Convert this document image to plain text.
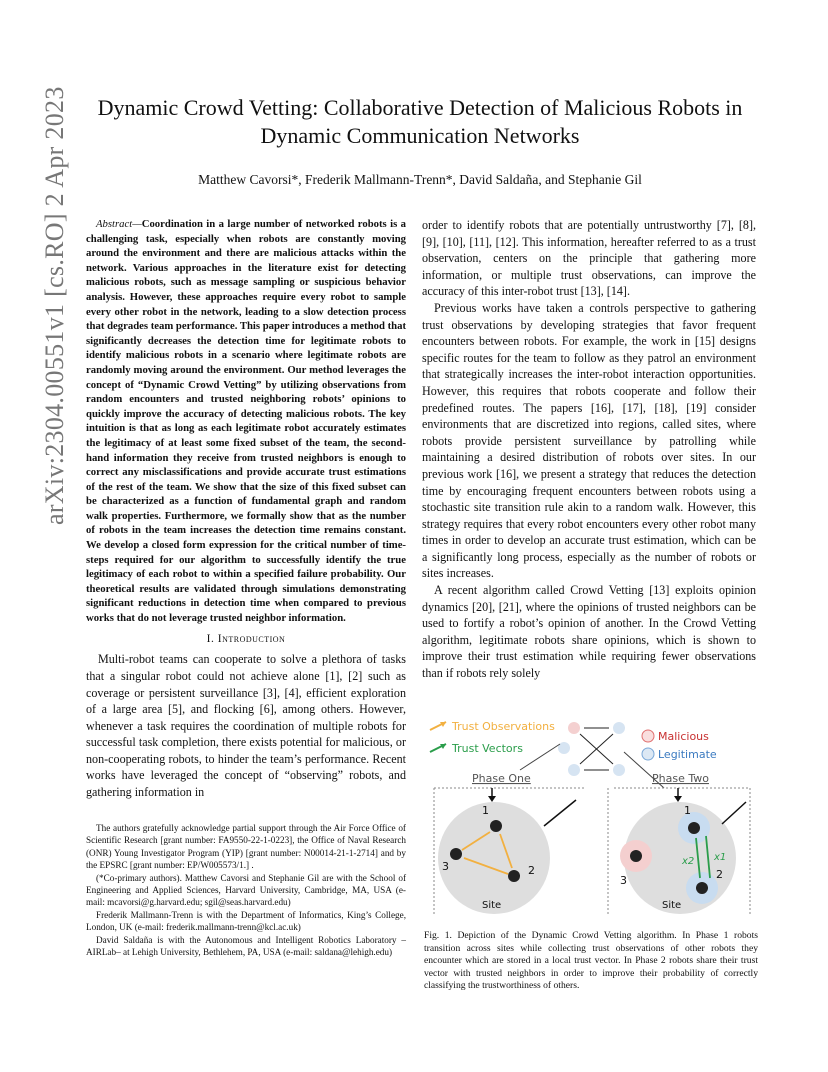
arXiv:2304.00551v1 [cs.RO] 2 Apr 2023	Dynamic Crowd Vetting: Collaborative Detection of Malicious Robots in
Dynamic Communication Networks
Matthew Cavorsi*, Frederik Mallmann-Trenn*, David Saldaña, and Stephanie Gil

Abstract—Coordination in a large number of networked robots is a challenging task, especially when robots are constantly moving around the environment and there are malicious attacks within the network. Various approaches in the literature exist for detecting malicious robots, such as message sampling or suspicious behavior analysis. However, these approaches require every robot to sample every other robot in the network, leading to a slow detection process that degrades team performance. This paper introduces a method that significantly decreases the detection time for legitimate robots to identify malicious robots in a scenario where legitimate robots are randomly moving around the environment. Our method leverages the concept of “Dynamic Crowd Vetting” by utilizing observations from random encounters and trusted neighboring robots’ opinions to quickly improve the accuracy of detecting malicious robots. The key intuition is that as long as each legitimate robot accurately estimates the legitimacy of at least some fixed subset of the team, the second-hand information they receive from trusted neighbors is enough to correct any misclassifications and provide accurate trust estimations of the rest of the team. We show that the size of this fixed subset can be characterized as a function of fundamental graph and random walk properties. Furthermore, we formally show that as the number of robots in the team increases the detection time remains constant. We develop a closed form expression for the critical number of time-steps required for our algorithm to successfully identify the true legitimacy of each robot to within a specified failure probability. Our theoretical results are validated through simulations demonstrating significant reductions in detection time when compared to previous works that do not leverage trusted neighbor information.

I. Introduction

Multi-robot teams can cooperate to solve a plethora of tasks that a singular robot could not achieve alone [1], [2] such as coverage or persistent surveillance [3], [4], efficient exploration of a large area [5], and flocking [6], among others. However, whenever a task requires the coordination of multiple robots for successful task completion, there exists potential for malicious, or non-cooperating robots, to hinder the team’s performance. Recent works have leveraged the concept of “observing” robots, and gathering information in

The authors gratefully acknowledge partial support through the Air Force Office of Scientific Research [grant number: FA9550-22-1-0223], the Office of Naval Research (ONR) Young Investigator Program (YIP) [grant number: N00014-21-1-2714] and by the EPSRC [grant number: EP/W005573/1.] .

(*Co-primary authors). Matthew Cavorsi and Stephanie Gil are with the School of Engineering and Applied Sciences, Harvard University, Cambridge, MA, USA (e-mail: mcavorsi@g.harvard.edu; sgil@seas.harvard.edu)

Frederik Mallmann-Trenn is with the Department of Informatics, King’s College, London, UK (e-mail: frederik.mallmann-trenn@kcl.ac.uk)

David Saldaña is with the Autonomous and Intelligent Robotics Laboratory –AIRLab– at Lehigh University, Bethlehem, PA, USA (e-mail: saldana@lehigh.edu)

order to identify robots that are potentially untrustworthy [7], [8], [9], [10], [11], [12]. This information, hereafter referred to as a trust observation, centers on the principle that gathering more information, or multiple trust observations, can improve the accuracy of this inter-robot trust [13], [14].

Previous works have taken a controls perspective to gathering trust observations by developing strategies that favor frequent encounters between robots. For example, the work in [15] designs specific routes for the team to follow as they patrol an environment that strategically increases the inter-robot interaction opportunities. However, this requires that robots cooperate and follow their predefined routes. The papers [16], [17], [18], [19] consider environments that are discretized into regions, called sites, where robots provide persistent surveillance by patrolling while maintaining a desired distribution of robots over sites. In our previous work [16], we present a strategy that reduces the detection time by encouraging frequent encounters between robots using a stochastic site transition rule akin to a random walk. However, this strategy requires that every robot encounters every other robot many times in order to develop an accurate trust estimation, which can be a significantly long process, especially as the number of robots or sites increases.

A recent algorithm called Crowd Vetting [13] exploits opinion dynamics [20], [21], where the opinions of trusted neighbors can be used to fortify a robot’s opinion of another. In the Crowd Vetting algorithm, legitimate robots share opinions, which is shown to improve their trust estimation while requiring fewer observations than if robots rely solely

Trust Observations
Trust Vectors
Malicious
Legitimate
Phase One	Phase Two
1
3	2
Site
x2 x1
1
3	2
Site
Fig. 1. Depiction of the Dynamic Crowd Vetting algorithm. In Phase 1 robots transition across sites while collecting trust observations of other robots they encounter which are stored in a local trust vector. In Phase 2 robots share their trust vector with trusted neighbors in order to improve their probability of correctly classifying the trustworthiness of others.
